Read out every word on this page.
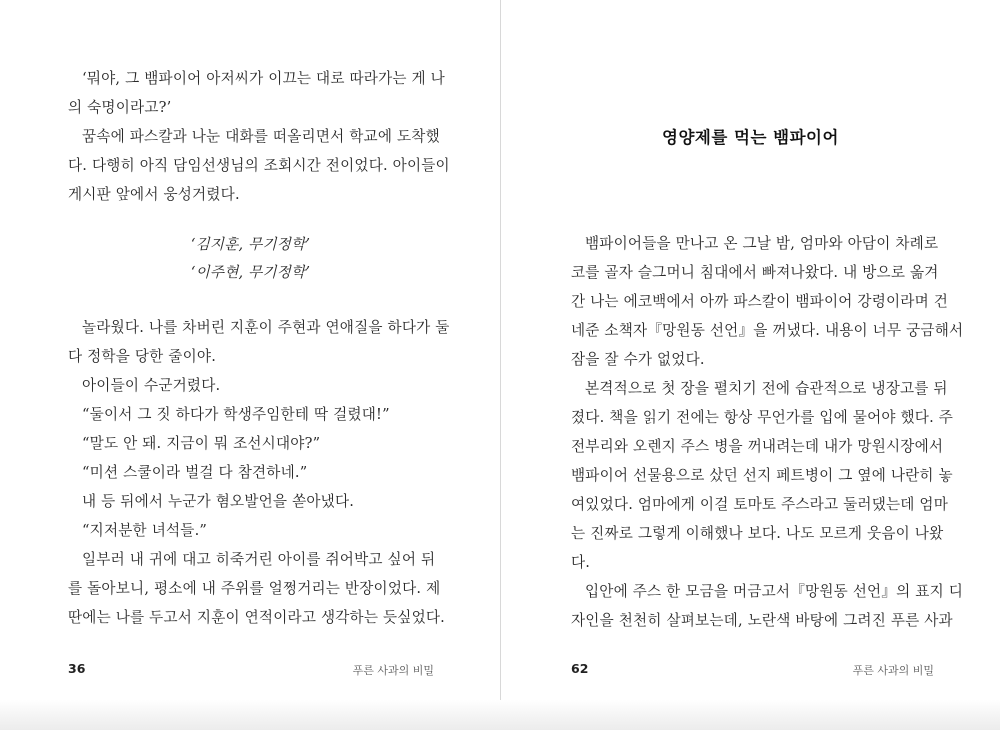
‘뭐야, 그 뱀파이어 아저씨가 이끄는 대로 따라가는 게 나
의 숙명이라고?’

꿈속에 파스칼과 나눈 대화를 떠올리면서 학교에 도착했
다. 다행히 아직 담임선생님의 조회시간 전이었다. 아이들이
게시판 앞에서 웅성거렸다.

‘김지훈, 무기정학’
‘이주현, 무기정학’

놀라웠다. 나를 차버린 지훈이 주현과 연애질을 하다가 둘
다 정학을 당한 줄이야.

아이들이 수군거렸다.

“둘이서 그 짓 하다가 학생주임한테 딱 걸렸대!”

“말도 안 돼. 지금이 뭐 조선시대야?”

“미션 스쿨이라 벌걸 다 참견하네.”

내 등 뒤에서 누군가 혐오발언을 쏟아냈다.

“지저분한 녀석들.”

일부러 내 귀에 대고 히죽거린 아이를 쥐어박고 싶어 뒤
를 돌아보니, 평소에 내 주위를 얼쩡거리는 반장이었다. 제
딴에는 나를 두고서 지훈이 연적이라고 생각하는 듯싶었다.

36	푸른 사과의 비밀
영양제를 먹는 뱀파이어

뱀파이어들을 만나고 온 그날 밤, 엄마와 아담이 차례로
코를 골자 슬그머니 침대에서 빠져나왔다. 내 방으로 옮겨
간 나는 에코백에서 아까 파스칼이 뱀파이어 강령이라며 건
네준 소책자『망원동 선언』을 꺼냈다. 내용이 너무 궁금해서
잠을 잘 수가 없었다.

본격적으로 첫 장을 펼치기 전에 습관적으로 냉장고를 뒤
졌다. 책을 읽기 전에는 항상 무언가를 입에 물어야 했다. 주
전부리와 오렌지 주스 병을 꺼내려는데 내가 망원시장에서
뱀파이어 선물용으로 샀던 선지 페트병이 그 옆에 나란히 놓
여있었다. 엄마에게 이걸 토마토 주스라고 둘러댔는데 엄마
는 진짜로 그렇게 이해했나 보다. 나도 모르게 웃음이 나왔
다.

입안에 주스 한 모금을 머금고서『망원동 선언』의 표지 디
자인을 천천히 살펴보는데, 노란색 바탕에 그려진 푸른 사과

62	푸른 사과의 비밀
